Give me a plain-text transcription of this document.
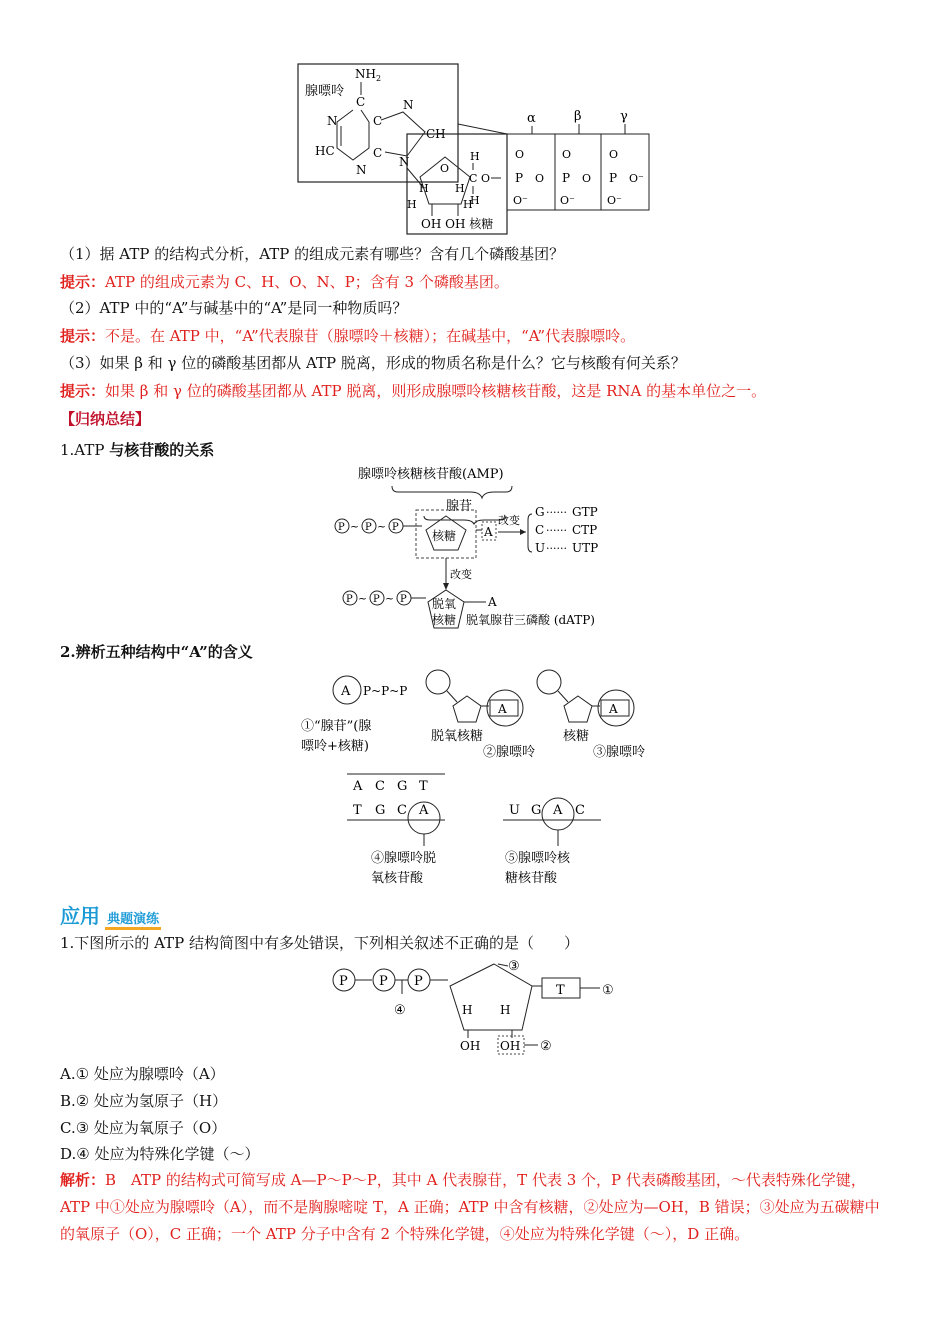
腺嘌呤
$NH_2$
C
N
HC
N
C
C
N
CH
N	O
H H
H	H
OH OH 核糖
H
C
H
O
α	β	γ
O
P
O⁻
O
O
P
O⁻
O
O
P
O⁻
O⁻
（1）据 ATP 的结构式分析，ATP 的组成元素有哪些？含有几个磷酸基团？
提示：ATP 的组成元素为 C、H、O、N、P；含有 3 个磷酸基团。
（2）ATP 中的“A”与碱基中的“A”是同一种物质吗？
提示：不是。在 ATP 中，“A”代表腺苷（腺嘌呤＋核糖）；在碱基中，“A”代表腺嘌呤。
（3）如果 β 和 γ 位的磷酸基团都从 ATP 脱离，形成的物质名称是什么？它与核酸有何关系？
提示：如果 β 和 γ 位的磷酸基团都从 ATP 脱离，则形成腺嘌呤核糖核苷酸，这是 RNA 的基本单位之一。
【归纳总结】
1.ATP 与核苷酸的关系
腺嘌呤核糖核苷酸(AMP)
腺苷
P ~ P ~ P
核糖 A
改变
G ······ GTP
C ······ CTP
U ······ UTP
改变
P ~ P ~ P 脱氧
核糖
A
脱氧腺苷三磷酸 (dATP)
2.辨析五种结构中“A”的含义
A P~P~P
①“腺苷”(腺
嘌呤+核糖)
A
脱氧核糖
②腺嘌呤
A
核糖
③腺嘌呤
A C G T
T G C A
④腺嘌呤脱
氧核苷酸
U G A C
⑤腺嘌呤核
糖核苷酸
应用 典题演练
1.下图所示的 ATP 结构简图中有多处错误，下列相关叙述不正确的是（　　）
P P
④
P
③
T	①
H H
OH OH ②
A.① 处应为腺嘌呤（A）
B.② 处应为氢原子（H）
C.③ 处应为氧原子（O）
D.④ 处应为特殊化学键（～）
解析：B　ATP 的结构式可简写成 A—P～P～P，其中 A 代表腺苷，T 代表 3 个，P 代表磷酸基团，～代表特殊化学键，ATP 中①处应为腺嘌呤（A），而不是胸腺嘧啶 T，A 正确；ATP 中含有核糖，②处应为—OH，B 错误；③处应为五碳糖中的氧原子（O），C 正确；一个 ATP 分子中含有 2 个特殊化学键，④处应为特殊化学键（～），D 正确。
